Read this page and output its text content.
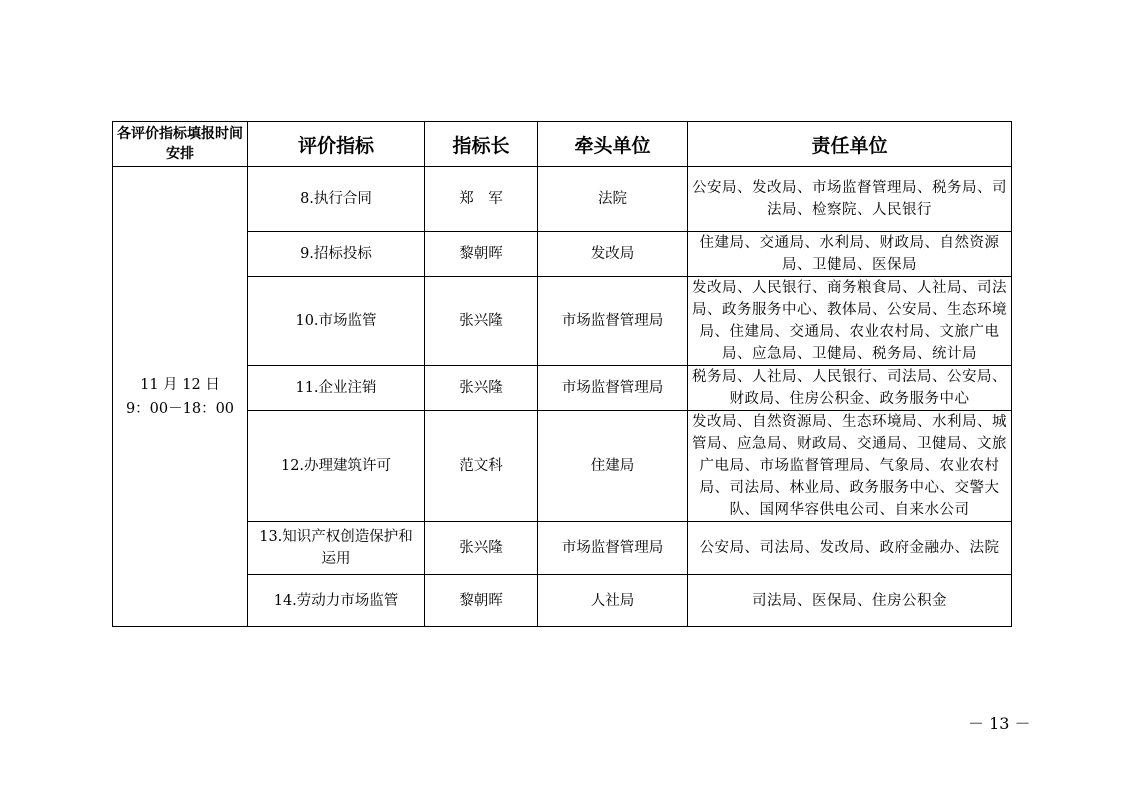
各评价指标填报时间安排	评价指标	指标长	牵头单位	责任单位

11 月 12 日
9：00－18：00	8.执行合同	郑　军	法院	公安局、发改局、市场监督管理局、税务局、司法局、检察院、人民银行
	9.招标投标	黎朝晖	发改局	住建局、交通局、水利局、财政局、自然资源局、卫健局、医保局
	10.市场监管	张兴隆	市场监督管理局	发改局、人民银行、商务粮食局、人社局、司法局、政务服务中心、教体局、公安局、生态环境局、住建局、交通局、农业农村局、文旅广电局、应急局、卫健局、税务局、统计局
	11.企业注销	张兴隆	市场监督管理局	税务局、人社局、人民银行、司法局、公安局、财政局、住房公积金、政务服务中心
	12.办理建筑许可	范文科	住建局	发改局、自然资源局、生态环境局、水利局、城管局、应急局、财政局、交通局、卫健局、文旅广电局、市场监督管理局、气象局、农业农村局、司法局、林业局、政务服务中心、交警大队、国网华容供电公司、自来水公司
	13.知识产权创造保护和运用	张兴隆	市场监督管理局	公安局、司法局、发改局、政府金融办、法院
	14.劳动力市场监管	黎朝晖	人社局	司法局、医保局、住房公积金
－ 13 －
